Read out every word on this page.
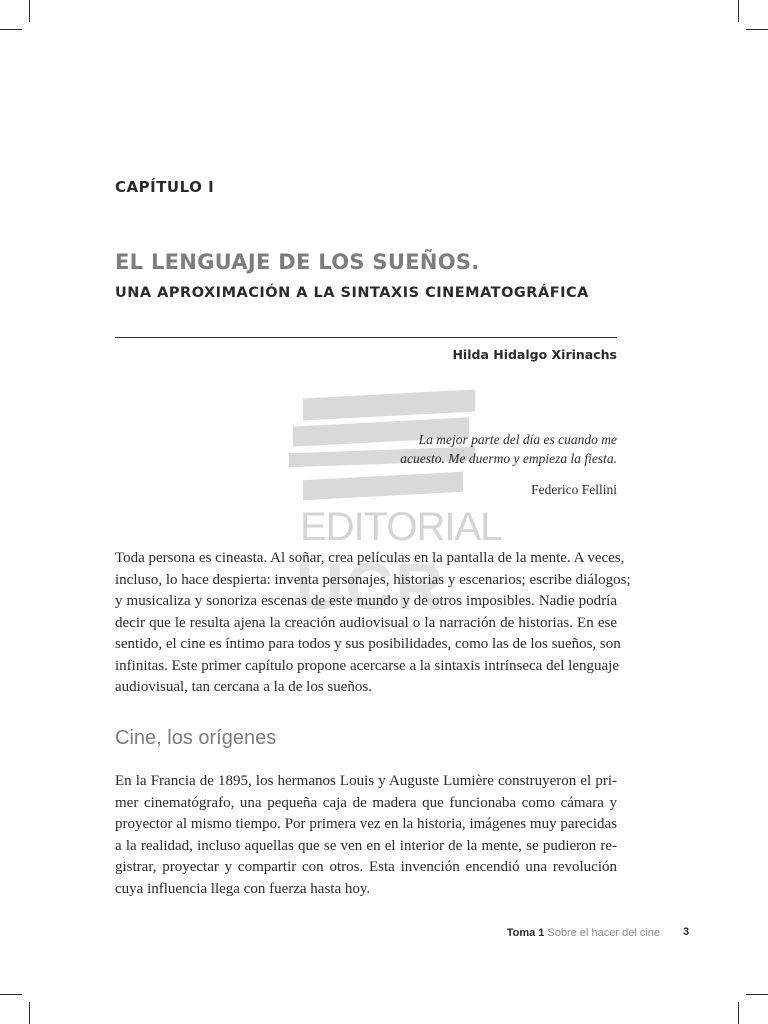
CAPÍTULO I
EL LENGUAJE DE LOS SUEÑOS.
UNA APROXIMACIÓN A LA SINTAXIS CINEMATOGRÁFICA
Hilda Hidalgo Xirinachs
EDITORIAL
UCR
La mejor parte del día es cuando me
acuesto. Me duermo y empieza la fiesta.
Federico Fellini
Toda persona es cineasta. Al soñar, crea películas en la pantalla de la mente. A veces,
incluso, lo hace despierta: inventa personajes, historias y escenarios; escribe diálogos;
y musicaliza y sonoriza escenas de este mundo y de otros imposibles. Nadie podría
decir que le resulta ajena la creación audiovisual o la narración de historias. En ese
sentido, el cine es íntimo para todos y sus posibilidades, como las de los sueños, son
infinitas. Este primer capítulo propone acercarse a la sintaxis intrínseca del lenguaje
audiovisual, tan cercana a la de los sueños.
Cine, los orígenes
En la Francia de 1895, los hermanos Louis y Auguste Lumière construyeron el pri-
mer cinematógrafo, una pequeña caja de madera que funcionaba como cámara y
proyector al mismo tiempo. Por primera vez en la historia, imágenes muy parecidas
a la realidad, incluso aquellas que se ven en el interior de la mente, se pudieron re-
gistrar, proyectar y compartir con otros. Esta invención encendió una revolución
cuya influencia llega con fuerza hasta hoy.
Toma 1 Sobre el hacer del cine 3
